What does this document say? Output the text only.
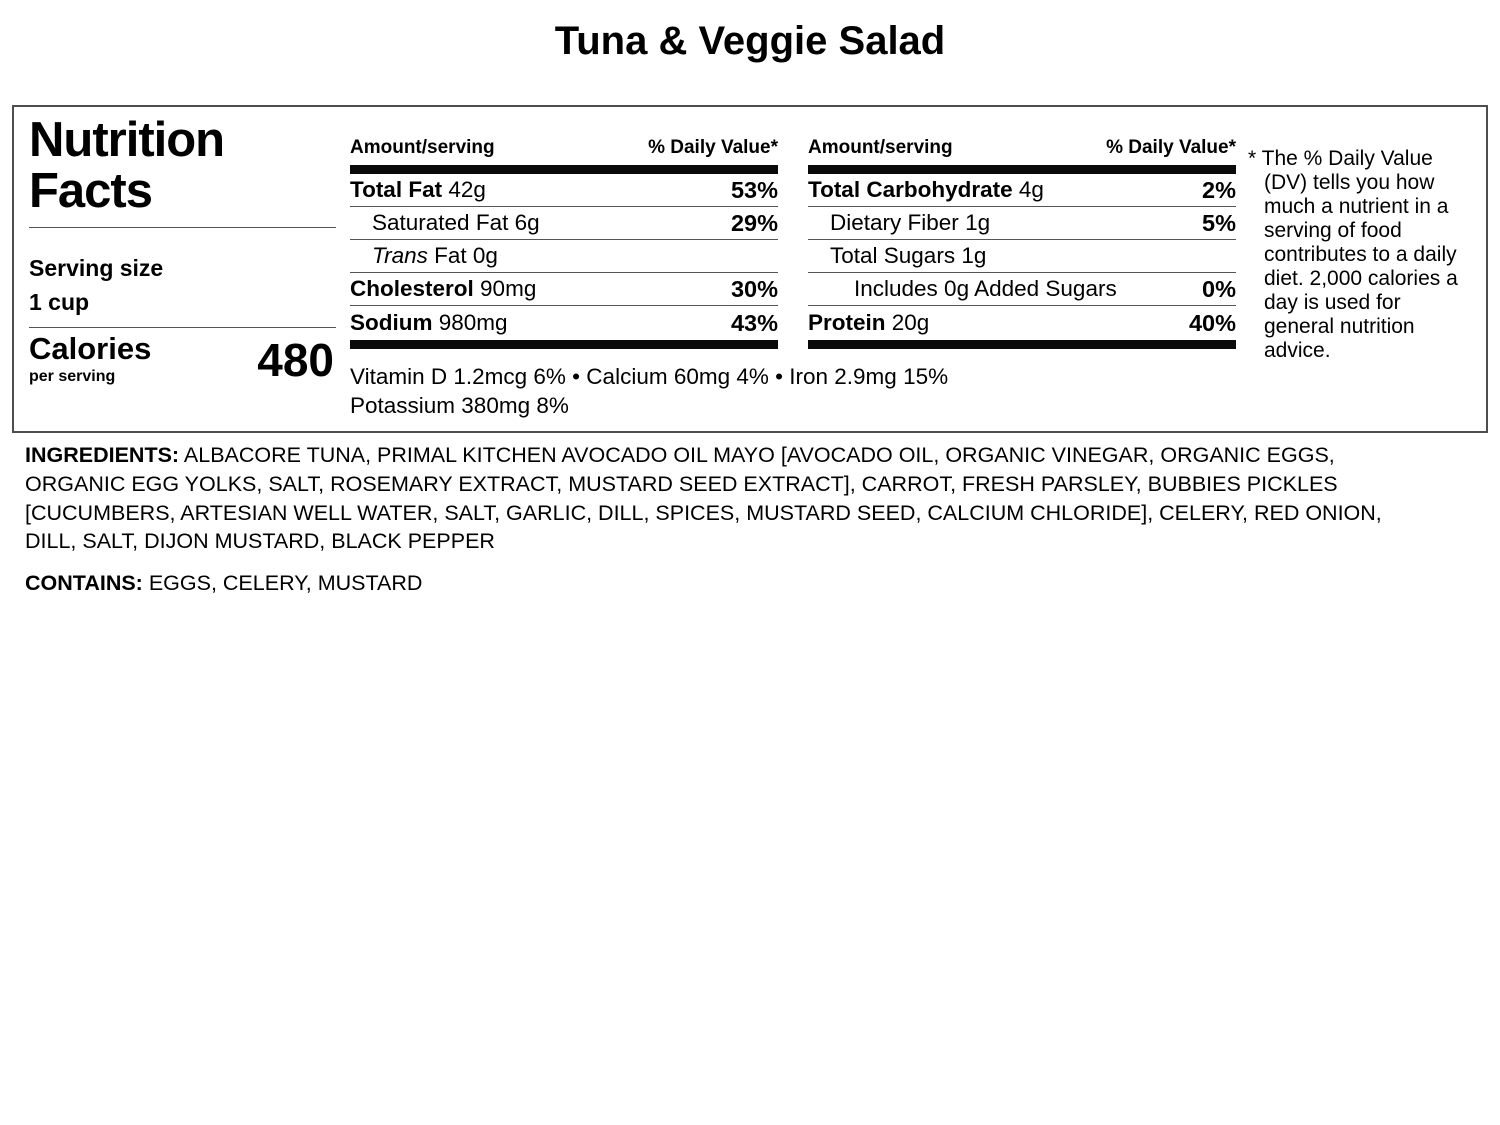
Tuna & Veggie Salad
Nutrition
Facts
Serving size
1 cup
Calories
per serving	480
Amount/serving	% Daily Value*
Total Fat 42g	53%
Saturated Fat 6g	29%
Trans Fat 0g
Cholesterol 90mg	30%
Sodium 980mg	43%
Amount/serving	% Daily Value*
Total Carbohydrate 4g	2%
Dietary Fiber 1g	5%
Total Sugars 1g
Includes 0g Added Sugars	0%
Protein 20g	40%
Vitamin D 1.2mcg 6% • Calcium 60mg 4% • Iron 2.9mg 15%
Potassium 380mg 8%
* The % Daily Value (DV) tells you how much a nutrient in a serving of food contributes to a daily diet. 2,000 calories a day is used for general nutrition advice.

INGREDIENTS: ALBACORE TUNA, PRIMAL KITCHEN AVOCADO OIL MAYO [AVOCADO OIL, ORGANIC VINEGAR, ORGANIC EGGS, ORGANIC EGG YOLKS, SALT, ROSEMARY EXTRACT, MUSTARD SEED EXTRACT], CARROT, FRESH PARSLEY, BUBBIES PICKLES [CUCUMBERS, ARTESIAN WELL WATER, SALT, GARLIC, DILL, SPICES, MUSTARD SEED, CALCIUM CHLORIDE], CELERY, RED ONION, DILL, SALT, DIJON MUSTARD, BLACK PEPPER

CONTAINS: EGGS, CELERY, MUSTARD
